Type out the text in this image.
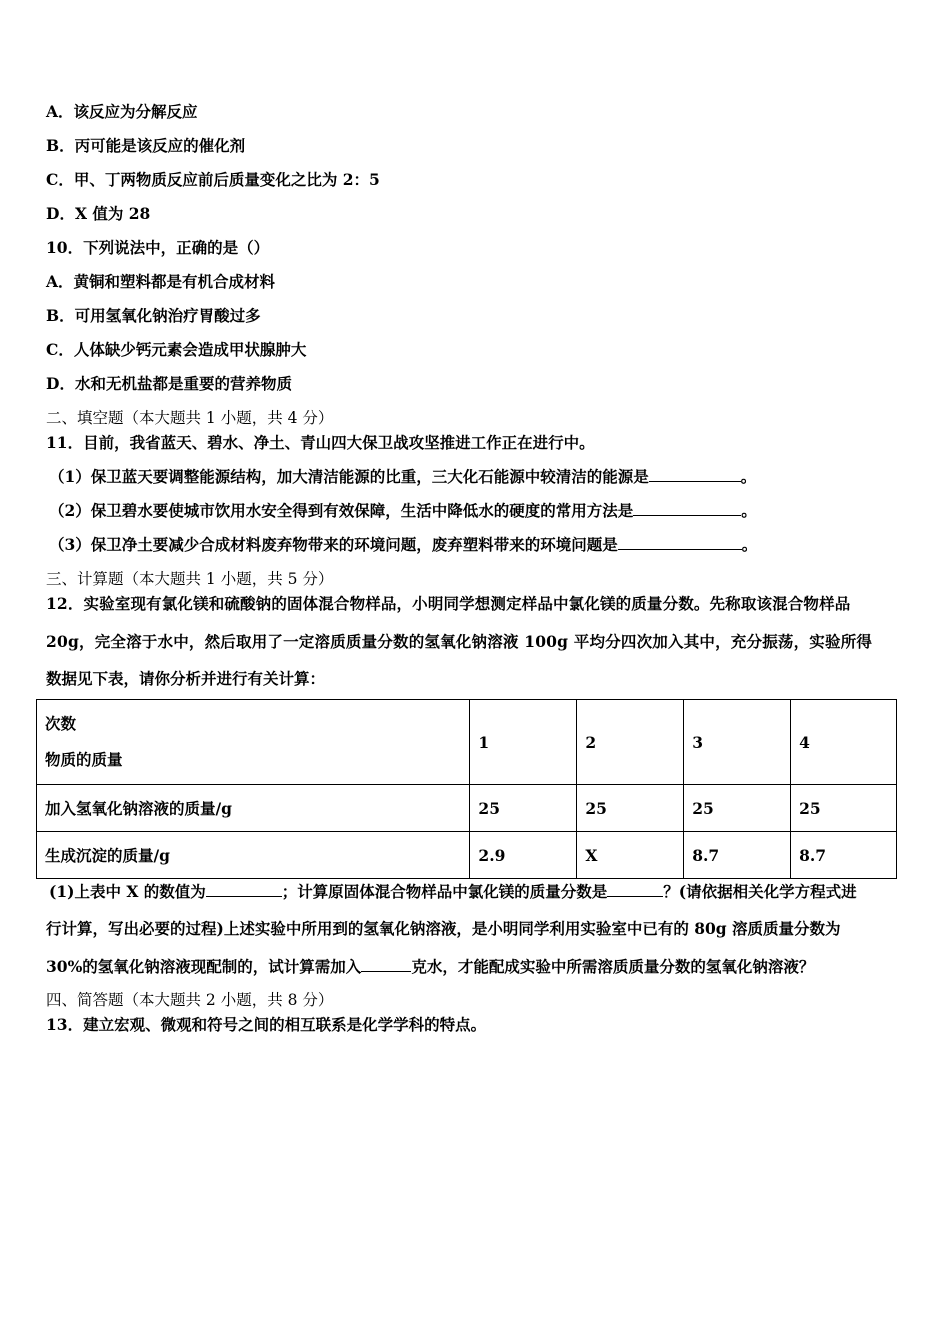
A．该反应为分解反应
B．丙可能是该反应的催化剂
C．甲、丁两物质反应前后质量变化之比为 2：5
D．X 值为 28
10．下列说法中，正确的是（）
A．黄铜和塑料都是有机合成材料
B．可用氢氧化钠治疗胃酸过多
C．人体缺少钙元素会造成甲状腺肿大
D．水和无机盐都是重要的营养物质
二、填空题（本大题共 1 小题，共 4 分）
11．目前，我省蓝天、碧水、净土、青山四大保卫战攻坚推进工作正在进行中。
（1）保卫蓝天要调整能源结构，加大清洁能源的比重，三大化石能源中较清洁的能源是	。
（2）保卫碧水要使城市饮用水安全得到有效保障，生活中降低水的硬度的常用方法是	。
（3）保卫净土要减少合成材料废弃物带来的环境问题，废弃塑料带来的环境问题是	。
三、计算题（本大题共 1 小题，共 5 分）
12．实验室现有氯化镁和硫酸钠的固体混合物样品，小明同学想测定样品中氯化镁的质量分数。先称取该混合物样品
20g，完全溶于水中，然后取用了一定溶质质量分数的氢氧化钠溶液 100g 平均分四次加入其中，充分振荡，实验所得
数据见下表，请你分析并进行有关计算：
次数
物质的质量	1	2	3	4
加入氢氧化钠溶液的质量/g	25	25	25	25
生成沉淀的质量/g	2.9	X	8.7	8.7
(1)上表中 X 的数值为	；计算原固体混合物样品中氯化镁的质量分数是	？(请依据相关化学方程式进
行计算，写出必要的过程)上述实验中所用到的氢氧化钠溶液，是小明同学利用实验室中已有的 80g 溶质质量分数为
30%的氢氧化钠溶液现配制的，试计算需加入	克水，才能配成实验中所需溶质质量分数的氢氧化钠溶液？
四、简答题（本大题共 2 小题，共 8 分）
13．建立宏观、微观和符号之间的相互联系是化学学科的特点。
